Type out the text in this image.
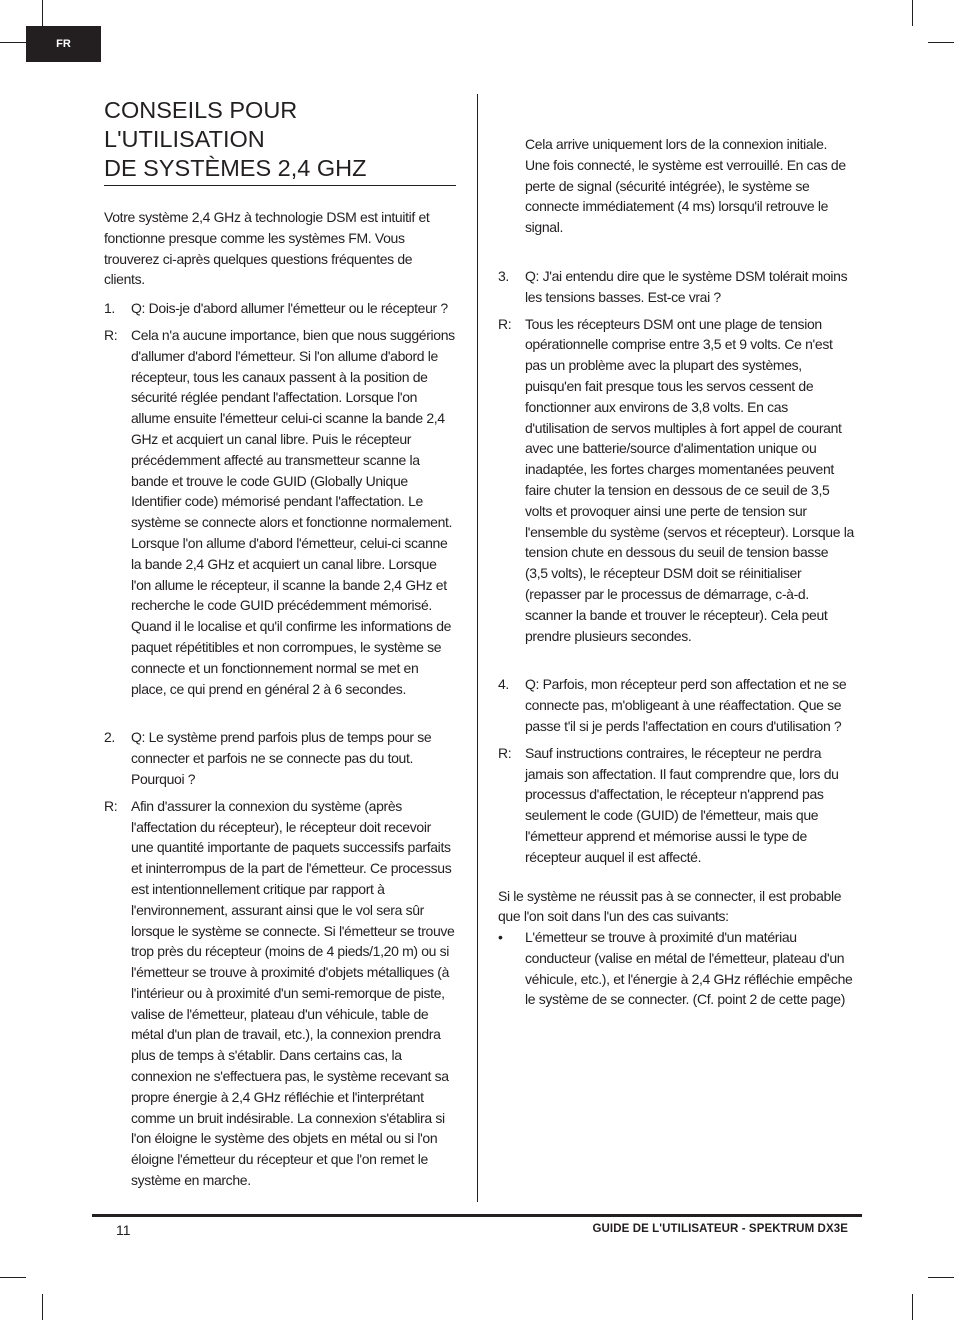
FR
CONSEILS POUR L'UTILISATION
DE SYSTÈMES 2,4 GHZ

Votre système 2,4 GHz à technologie DSM est intuitif et fonctionne presque comme les systèmes FM. Vous trouverez ci-après quelques questions fréquentes de clients.

1.	Q: Dois-je d'abord allumer l'émetteur ou le récepteur ?
R: Cela n'a aucune importance, bien que nous suggérions d'allumer d'abord l'émetteur. Si l'on allume d'abord le récepteur, tous les canaux passent à la position de sécurité réglée pendant l'affectation. Lorsque l'on allume ensuite l'émetteur celui-ci scanne la bande 2,4 GHz et acquiert un canal libre. Puis le récepteur précédemment affecté au transmetteur scanne la bande et trouve le code GUID (Globally Unique Identifier code) mémorisé pendant l'affectation. Le système se connecte alors et fonctionne normalement. Lorsque l'on allume d'abord l'émetteur, celui-ci scanne la bande 2,4 GHz et acquiert un canal libre. Lorsque l'on allume le récepteur, il scanne la bande 2,4 GHz et recherche le code GUID précédemment mémorisé. Quand il le localise et qu'il confirme les informations de paquet répétitibles et non corrompues, le système se connecte et un fonctionnement normal se met en place, ce qui prend en général 2 à 6 secondes.
2.	Q: Le système prend parfois plus de temps pour se connecter et parfois ne se connecte pas du tout. Pourquoi ?
R: Afin d'assurer la connexion du système (après l'affectation du récepteur), le récepteur doit recevoir une quantité importante de paquets successifs parfaits et ininterrompus de la part de l'émetteur. Ce processus est intentionnellement critique par rapport à l'environnement, assurant ainsi que le vol sera sûr lorsque le système se connecte. Si l'émetteur se trouve trop près du récepteur (moins de 4 pieds/1,20 m) ou si l'émetteur se trouve à proximité d'objets métalliques (à l'intérieur ou à proximité d'un semi-remorque de piste, valise de l'émetteur, plateau d'un véhicule, table de métal d'un plan de travail, etc.), la connexion prendra plus de temps à s'établir. Dans certains cas, la connexion ne s'effectuera pas, le système recevant sa propre énergie à 2,4 GHz réfléchie et l'interprétant comme un bruit indésirable. La connexion s'établira si l'on éloigne le système des objets en métal ou si l'on éloigne l'émetteur du récepteur et que l'on remet le système en marche.
Cela arrive uniquement lors de la connexion initiale. Une fois connecté, le système est verrouillé. En cas de perte de signal (sécurité intégrée), le système se connecte immédiatement (4 ms) lorsqu'il retrouve le signal.
3.	Q: J'ai entendu dire que le système DSM tolérait moins les tensions basses. Est-ce vrai ?
R: Tous les récepteurs DSM ont une plage de tension opérationnelle comprise entre 3,5 et 9 volts. Ce n'est pas un problème avec la plupart des systèmes, puisqu'en fait presque tous les servos cessent de fonctionner aux environs de 3,8 volts. En cas d'utilisation de servos multiples à fort appel de courant avec une batterie/source d'alimentation unique ou inadaptée, les fortes charges momentanées peuvent faire chuter la tension en dessous de ce seuil de 3,5 volts et provoquer ainsi une perte de tension sur l'ensemble du système (servos et récepteur). Lorsque la tension chute en dessous du seuil de tension basse (3,5 volts), le récepteur DSM doit se réinitialiser (repasser par le processus de démarrage, c-à-d. scanner la bande et trouver le récepteur). Cela peut prendre plusieurs secondes.
4.	Q: Parfois, mon récepteur perd son affectation et ne se connecte pas, m'obligeant à une réaffectation. Que se passe t'il si je perds l'affectation en cours d'utilisation ?
R: Sauf instructions contraires, le récepteur ne perdra jamais son affectation. Il faut comprendre que, lors du processus d'affectation, le récepteur n'apprend pas seulement le code (GUID) de l'émetteur, mais que l'émetteur apprend et mémorise aussi le type de récepteur auquel il est affecté.

Si le système ne réussit pas à se connecter, il est probable que l'on soit dans l'un des cas suivants:

•	L'émetteur se trouve à proximité d'un matériau conducteur (valise en métal de l'émetteur, plateau d'un véhicule, etc.), et l'énergie à 2,4 GHz réfléchie empêche le système de se connecter. (Cf. point 2 de cette page)
11	GUIDE DE L'UTILISATEUR - SPEKTRUM DX3E
